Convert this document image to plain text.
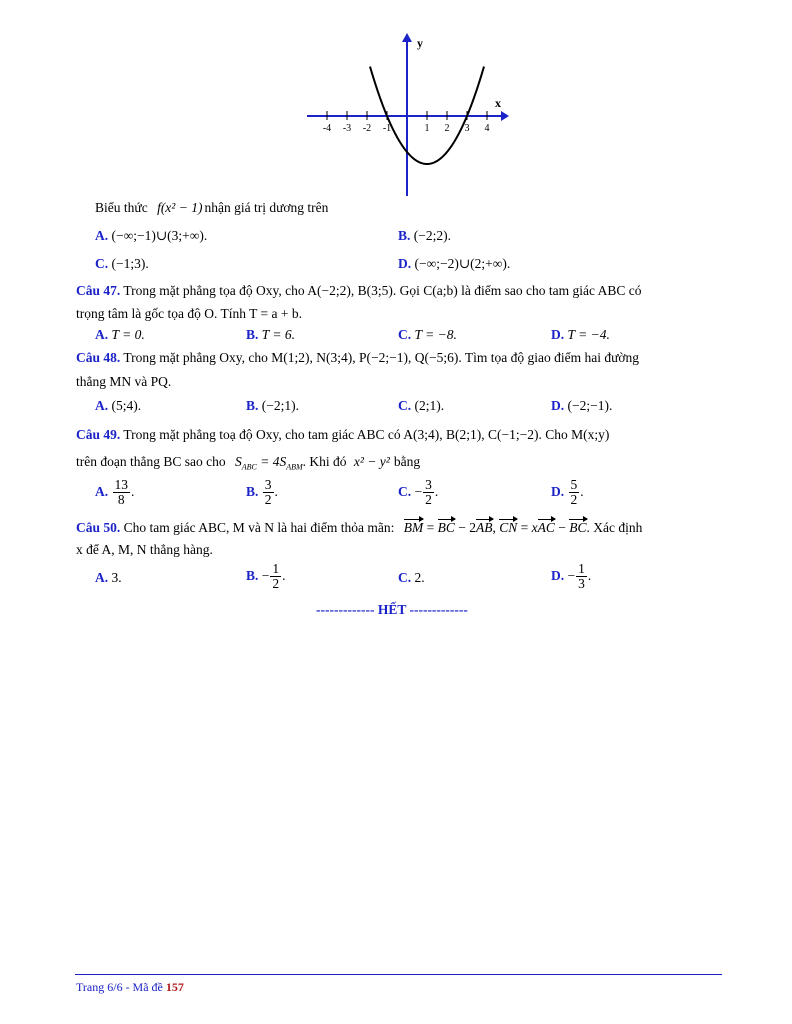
-4 -3 -2 -1	1 2 3 4
x
y
Biểu thức f(x² − 1) nhận giá trị dương trên
A. (−∞;−1)∪(3;+∞).	B. (−2;2).
C. (−1;3).	D. (−∞;−2)∪(2;+∞).
Câu 47. Trong mặt phẳng tọa độ Oxy, cho A(−2;2), B(3;5). Gọi C(a;b) là điểm sao cho tam giác ABC có
trọng tâm là gốc tọa độ O. Tính T = a + b.
A. T = 0.	B. T = 6.	C. T = −8.	D. T = −4.
Câu 48. Trong mặt phẳng Oxy, cho M(1;2), N(3;4), P(−2;−1), Q(−5;6). Tìm tọa độ giao điểm hai đường
thẳng MN và PQ.
A. (5;4).	B. (−2;1).	C. (2;1).	D. (−2;−1).
Câu 49. Trong mặt phẳng toạ độ Oxy, cho tam giác ABC có A(3;4), B(2;1), C(−1;−2). Cho M(x;y)
trên đoạn thẳng BC sao cho $S_{ABC} = 4S_{ABM}$. Khi đó x² − y² bằng
A. $\frac{13}{8}$ .	B. $\frac{3}{2}$ .	C. − $\frac{3}{2}$ .	D. $\frac{5}{2}$ .
Câu 50. Cho tam giác ABC, M và N là hai điểm thỏa mãn: BM = BC − 2AB, CN = xAC − BC. Xác định
x để A, M, N thẳng hàng.
A. 3.	B. − $\frac{1}{2}$ .	C. 2.	D. − $\frac{1}{3}$ .
------------- HẾT -------------
Trang 6/6 - Mã đề 157
